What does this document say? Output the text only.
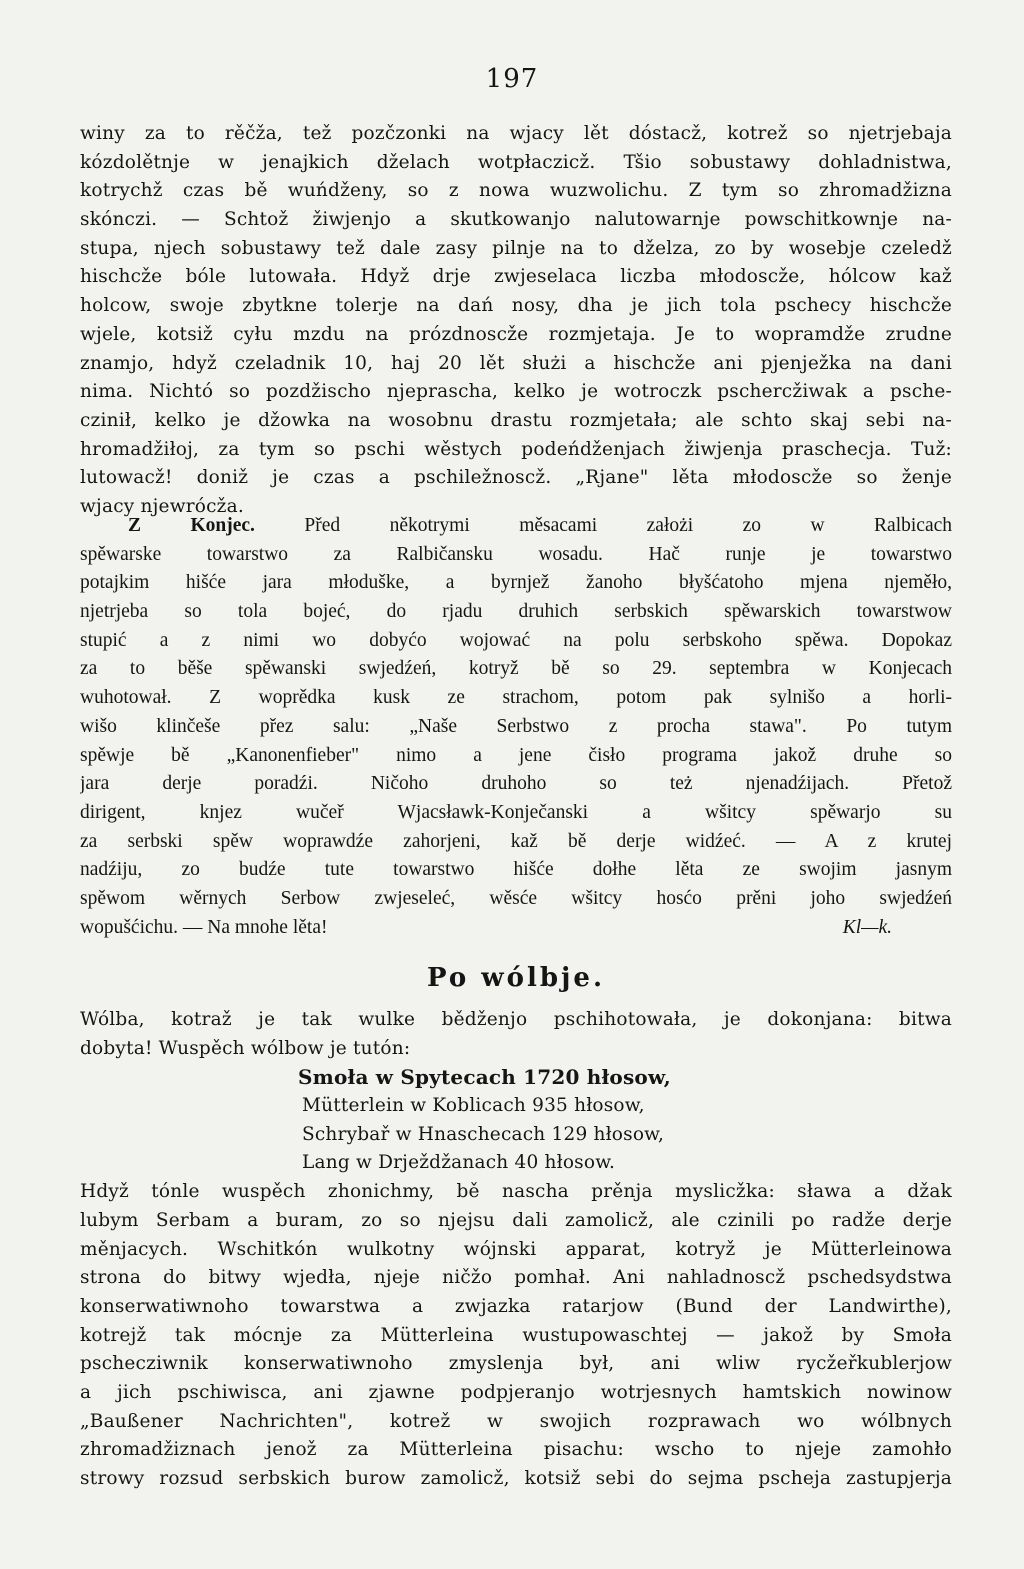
197
winy za to rěčža, tež pozčzonki na wjacy lět dóstacž, kotrež so njetrjebaja
kózdolětnje w jenajkich dželach wotpłaczicž. Tšio sobustawy dohladnistwa,
kotrychž czas bě wuńdženy, so z nowa wuzwolichu. Z tym so zhromadžizna
skónczi. — Schtož žiwjenjo a skutkowanjo nalutowarnje powschitkownje na-
stupa, njech sobustawy tež dale zasy pilnje na to dželza, zo by wosebje czeledž
hischcže bóle lutowała. Hdyž drje zwjeselaca liczba młodoscže, hólcow kaž
holcow, swoje zbytkne tolerje na dań nosy, dha je jich tola pschecy hischcže
wjele, kotsiž cyłu mzdu na prózdnoscže rozmjetaja. Je to wopramdže zrudne
znamjo, hdyž czeladnik 10, haj 20 lět służi a hischcže ani pjenježka na dani
nima. Nichtó so pozdžischo njeprascha, kelko je wotroczk pschercžiwak a psche-
czinił, kelko je džowka na wosobnu drastu rozmjetała; ale schto skaj sebi na-
hromadžiłoj, za tym so pschi wěstych podeńdženjach žiwjenja praschecja. Tuž:
lutowacž! doniž je czas a pschiležnoscž. „Rjane" lěta młodoscže so ženje
wjacy njewrócža.
Z Konjec.	Před někotrymi měsacami założi zo w Ralbicach
spěwarske towarstwo za Ralbičansku wosadu. Hač runje je towarstwo
potajkim hišće jara młoduške, a byrnjež žanoho błyšćatoho mjena njeměło,
njetrjeba so tola bojeć, do rjadu druhich serbskich spěwarskich towarstwow
stupić a z nimi wo dobyćo wojować na polu serbskoho spěwa. Dopokaz
za to běše spěwanski swjedźeń, kotryž bě so 29. septembra w Konjecach
wuhotował. Z woprědka kusk ze strachom, potom pak sylnišo a horli-
wišo klinčeše přez salu: „Naše Serbstwo z procha stawa". Po tutym
spěwje bě „Kanonenfieber" nimo a jene čisło programa jakož druhe so
jara derje poradźi. Ničoho druhoho so też njenadźijach. Přetož
dirigent, knjez wučeř Wjacsławk-Konječanski a wšitcy spěwarjo su
za serbski spěw woprawdźe zahorjeni, kaž bě derje widźeć. — A z krutej
nadźiju, zo budźe tute towarstwo hišće dołhe lěta ze swojim jasnym
spěwom wěrnych Serbow zwjeseleć, wěsće wšitcy hosćo prěni joho swjedźeń
wopušćichu. — Na mnohe lěta!	Kl—k.
Po wólbje.
Wólba, kotraž je tak wulke bědženjo pschihotowała, je dokonjana: bitwa
dobyta! Wuspěch wólbow je tutón:
Smoła w Spytecach 1720 hłosow,
Mütterlein w Koblicach 935 hłosow,
Schrybař w Hnaschecach 129 hłosow,
Lang w Drježdžanach 40 hłosow.
Hdyž tónle wuspěch zhonichmy, bě nascha prěnja myslicžka: sława a džak
lubym Serbam a buram, zo so njejsu dali zamolicž, ale czinili po radže derje
měnjacych. Wschitkón wulkotny wójnski apparat, kotryž je Mütterleinowa
strona do bitwy wjedła, njeje ničžo pomhał. Ani nahladnoscž pschedsydstwa
konserwatiwnoho towarstwa a zwjazka ratarjow (Bund der Landwirthe),
kotrejž tak mócnje za Mütterleina wustupowaschtej — jakož by Smoła
pschecziwnik konserwatiwnoho zmyslenja był, ani wliw rycžeřkublerjow
a jich pschiwisca, ani zjawne podpjeranjo wotrjesnych hamtskich nowinow
„Baußener Nachrichten", kotrež w swojich rozprawach wo wólbnych
zhromadžiznach jenož za Mütterleina pisachu: wscho to njeje zamohło
strowy rozsud serbskich burow zamolicž, kotsiž sebi do sejma pscheja zastupjerja
